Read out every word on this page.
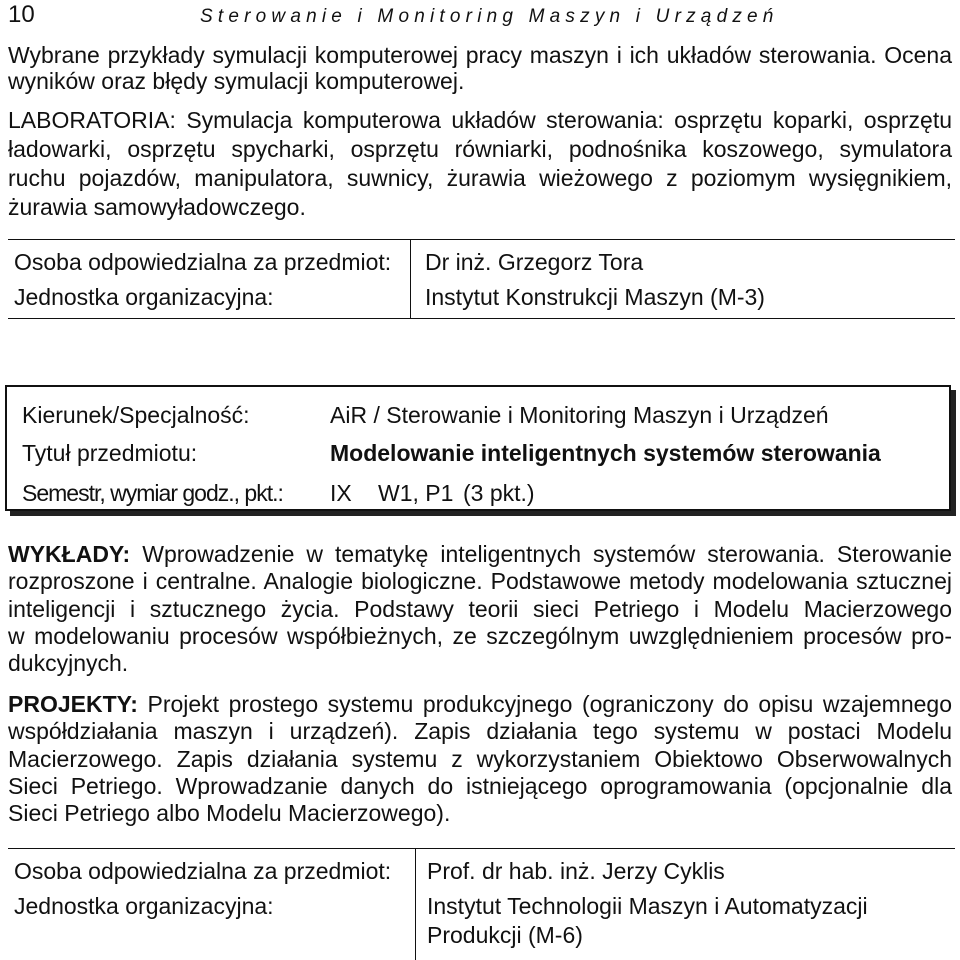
10	Sterowanie i Monitoring Maszyn i Urządzeń
Wybrane przykłady symulacji komputerowej pracy maszyn i ich układów sterowania. Ocena
wyników oraz błędy symulacji komputerowej.
LABORATORIA: Symulacja komputerowa układów sterowania: osprzętu koparki, osprzętu
ładowarki, osprzętu spycharki, osprzętu równiarki, podnośnika koszowego, symulatora
ruchu pojazdów, manipulatora, suwnicy, żurawia wieżowego z poziomym wysięgnikiem,
żurawia samowyładowczego.
Osoba odpowiedzialna za przedmiot: Dr inż. Grzegorz Tora
Jednostka organizacyjna:	Instytut Konstrukcji Maszyn (M-3)
Kierunek/Specjalność:	AiR / Sterowanie i Monitoring Maszyn i Urządzeń
Tytuł przedmiotu:	Modelowanie inteligentnych systemów sterowania
Semestr, wymiar godz., pkt.: IX W1, P1 (3 pkt.)
WYKŁADY: Wprowadzenie w tematykę inteligentnych systemów sterowania. Sterowanie
rozproszone i centralne. Analogie biologiczne. Podstawowe metody modelowania sztucznej
inteligencji i sztucznego życia. Podstawy teorii sieci Petriego i Modelu Macierzowego
w modelowaniu procesów współbieżnych, ze szczególnym uwzględnieniem procesów pro-
dukcyjnych.
PROJEKTY: Projekt prostego systemu produkcyjnego (ograniczony do opisu wzajemnego
współdziałania maszyn i urządzeń). Zapis działania tego systemu w postaci Modelu
Macierzowego. Zapis działania systemu z wykorzystaniem Obiektowo Obserwowalnych
Sieci Petriego. Wprowadzanie danych do istniejącego oprogramowania (opcjonalnie dla
Sieci Petriego albo Modelu Macierzowego).
Osoba odpowiedzialna za przedmiot: Prof. dr hab. inż. Jerzy Cyklis
Jednostka organizacyjna:	Instytut Technologii Maszyn i Automatyzacji Produkcji (M-6)
